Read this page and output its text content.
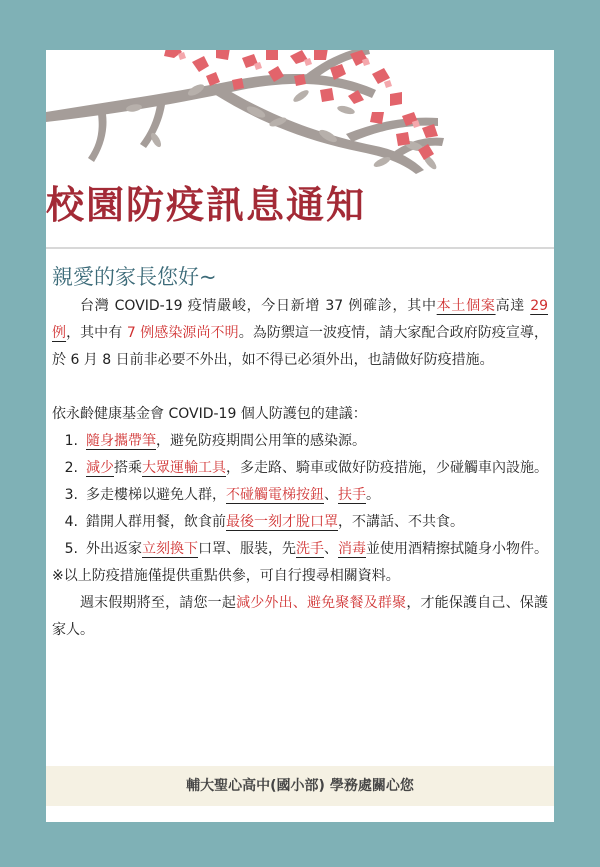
校園防疫訊息通知
親愛的家長您好~

台灣 COVID-19 疫情嚴峻，今日新增 37 例確診，其中本土個案高達 29 例，其中有 7 例感染源尚不明。為防禦這一波疫情，請大家配合政府防疫宣導，於 6 月 8 日前非必要不外出，如不得已必須外出，也請做好防疫措施。

依永齡健康基金會 COVID-19 個人防護包的建議：

1. 隨身攜帶筆，避免防疫期間公用筆的感染源。
2. 減少搭乘大眾運輸工具，多走路、騎車或做好防疫措施，少碰觸車內設施。
3. 多走樓梯以避免人群，不碰觸電梯按鈕、扶手。
4. 錯開人群用餐，飲食前最後一刻才脫口罩，不講話、不共食。
5. 外出返家立刻換下口罩、服裝，先洗手、消毒並使用酒精擦拭隨身小物件。

※以上防疫措施僅提供重點供參，可自行搜尋相關資料。

週末假期將至，請您一起減少外出、避免聚餐及群聚，才能保護自己、保護家人。

輔大聖心高中(國小部) 學務處關心您
